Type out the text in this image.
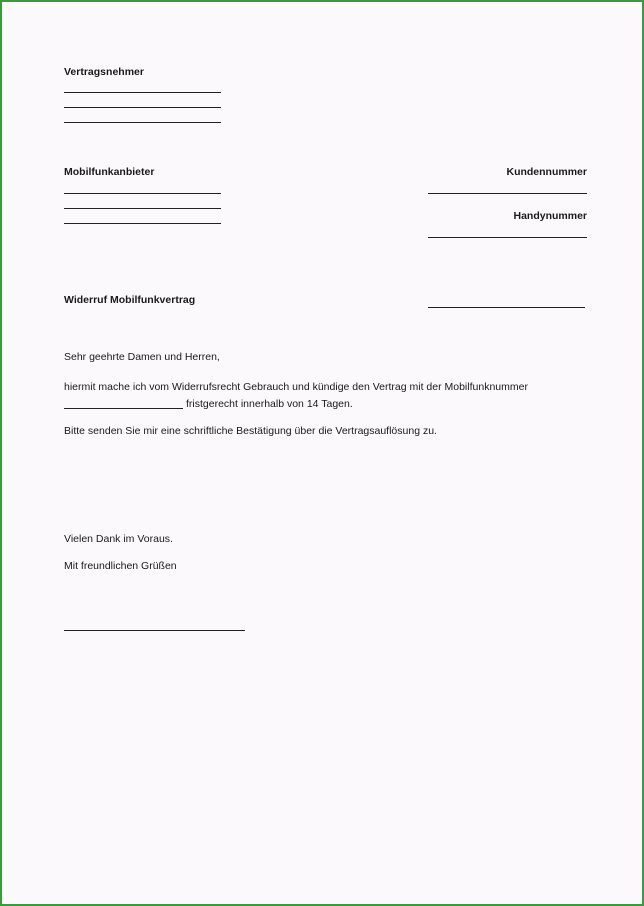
Vertragsnehmer
Mobilfunkanbieter	Kundennummer
Handynummer
Widerruf Mobilfunkvertrag
Sehr geehrte Damen und Herren,
hiermit mache ich vom Widerrufsrecht Gebrauch und kündige den Vertrag mit der Mobilfunknummer
fristgerecht innerhalb von 14 Tagen.
Bitte senden Sie mir eine schriftliche Bestätigung über die Vertragsauflösung zu.
Vielen Dank im Voraus.
Mit freundlichen Grüßen
